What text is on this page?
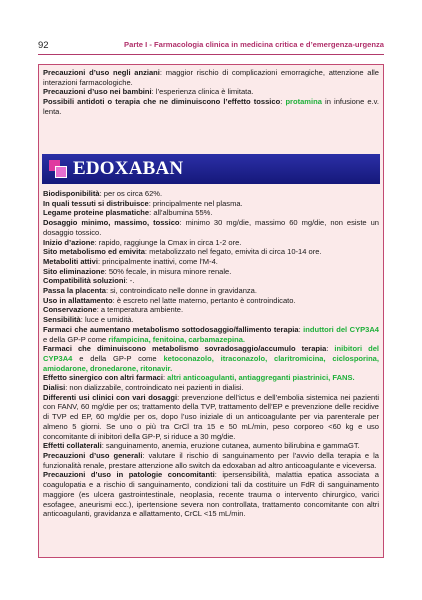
92	Parte I - Farmacologia clinica in medicina critica e d’emergenza-urgenza

Precauzioni d’uso negli anziani: maggior rischio di complicazioni emorragiche, attenzione alle interazioni farmacologiche.

Precauzioni d’uso nei bambini: l’esperienza clinica è limitata.

Possibili antidoti o terapia che ne diminuiscono l’effetto tossico: protamina in infusione e.v. lenta.

EDOXABAN

Biodisponibilità: per os circa 62%.

In quali tessuti si distribuisce: principalmente nel plasma.

Legame proteine plasmatiche: all’albumina 55%.

Dosaggio minimo, massimo, tossico: minimo 30 mg/die, massimo 60 mg/die, non esiste un dosaggio tossico.

Inizio d’azione: rapido, raggiunge la Cmax in circa 1-2 ore.

Sito metabolismo ed emivita: metabolizzato nel fegato, emivita di circa 10-14 ore.

Metaboliti attivi: principalmente inattivi, come l’M-4.

Sito eliminazione: 50% fecale, in misura minore renale.

Compatibilità soluzioni: -.

Passa la placenta: si, controindicato nelle donne in gravidanza.

Uso in allattamento: è escreto nel latte materno, pertanto è controindicato.

Conservazione: a temperatura ambiente.

Sensibilità: luce e umidità.

Farmaci che aumentano metabolismo sottodosaggio/fallimento terapia: induttori del CYP3A4 e della GP-P come rifampicina, fenitoina, carbamazepina.

Farmaci che diminuiscono metabolismo sovradosaggio/accumulo terapia: inibitori del CYP3A4 e della GP-P come ketoconazolo, itraconazolo, claritromicina, ciclosporina, amiodarone, dronedarone, ritonavir.

Effetto sinergico con altri farmaci: altri anticoagulanti, antiaggreganti piastrinici, FANS.

Dialisi: non dializzabile, controindicato nei pazienti in dialisi.

Differenti usi clinici con vari dosaggi: prevenzione dell’ictus e dell’embolia sistemica nei pazienti con FANV, 60 mg/die per os; trattamento della TVP, trattamento dell’EP e prevenzione delle recidive di TVP ed EP, 60 mg/die per os, dopo l’uso iniziale di un anticoagulante per via parenterale per almeno 5 giorni. Se uno o più tra CrCl tra 15 e 50 mL/min, peso corporeo <60 kg e uso concomitante di inibitori della GP-P, si riduce a 30 mg/die.

Effetti collaterali: sanguinamento, anemia, eruzione cutanea, aumento bilirubina e gammaGT.

Precauzioni d’uso generali: valutare il rischio di sanguinamento per l’avvio della terapia e la funzionalità renale, prestare attenzione allo switch da edoxaban ad altro anticoagulante e viceversa.

Precauzioni d’uso in patologie concomitanti: ipersensibilità, malattia epatica associata a coagulopatia e a rischio di sanguinamento, condizioni tali da costituire un FdR di sanguinamento maggiore (es ulcera gastrointestinale, neoplasia, recente trauma o intervento chirurgico, varici esofagee, aneurismi ecc.), ipertensione severa non controllata, trattamento concomitante con altri anticoagulanti, gravidanza e allattamento, CrCL <15 mL/min.
